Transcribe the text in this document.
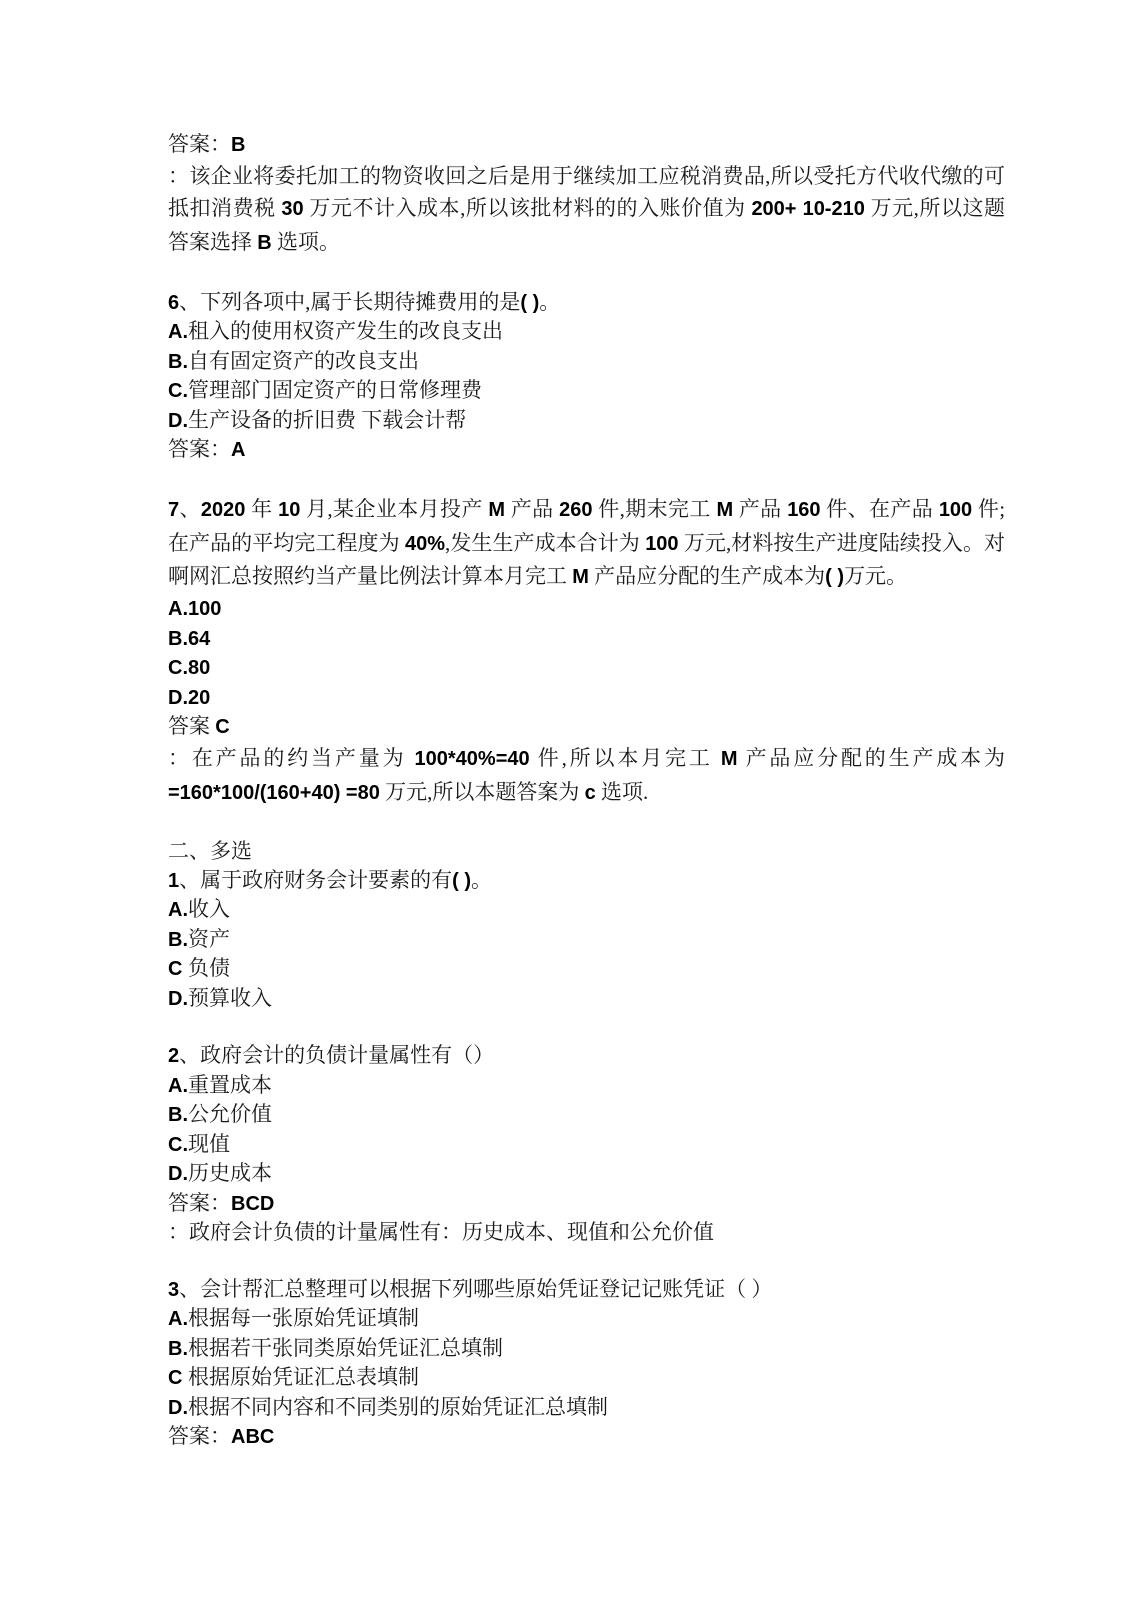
答案：B

：该企业将委托加工的物资收回之后是用于继续加工应税消费品,所以受托方代收代缴的可抵扣消费税 30 万元不计入成本,所以该批材料的的入账价值为 200+ 10-210 万元,所以这题答案选择 B 选项。

6、下列各项中,属于长期待摊费用的是( )。

A.租入的使用权资产发生的改良支出

B.自有固定资产的改良支出

C.管理部门固定资产的日常修理费

D.生产设备的折旧费 下载会计帮

答案：A

7、2020 年 10 月,某企业本月投产 M 产品 260 件,期末完工 M 产品 160 件、在产品 100 件;在产品的平均完工程度为 40%,发生生产成本合计为 100 万元,材料按生产进度陆续投入。对啊网汇总按照约当产量比例法计算本月完工 M 产品应分配的生产成本为( )万元。

A.100

B.64

C.80

D.20

答案 C

：在产品的约当产量为 100*40%=40 件,所以本月完工 M 产品应分配的生产成本为 =160*100/(160+40) =80 万元,所以本题答案为 c 选项.

二、多选

1、属于政府财务会计要素的有( )。

A.收入

B.资产

C 负债

D.预算收入

2、政府会计的负债计量属性有（）

A.重置成本

B.公允价值

C.现值

D.历史成本

答案：BCD

：政府会计负债的计量属性有：历史成本、现值和公允价值

3、会计帮汇总整理可以根据下列哪些原始凭证登记记账凭证（ ）

A.根据每一张原始凭证填制

B.根据若干张同类原始凭证汇总填制

C 根据原始凭证汇总表填制

D.根据不同内容和不同类别的原始凭证汇总填制

答案：ABC
